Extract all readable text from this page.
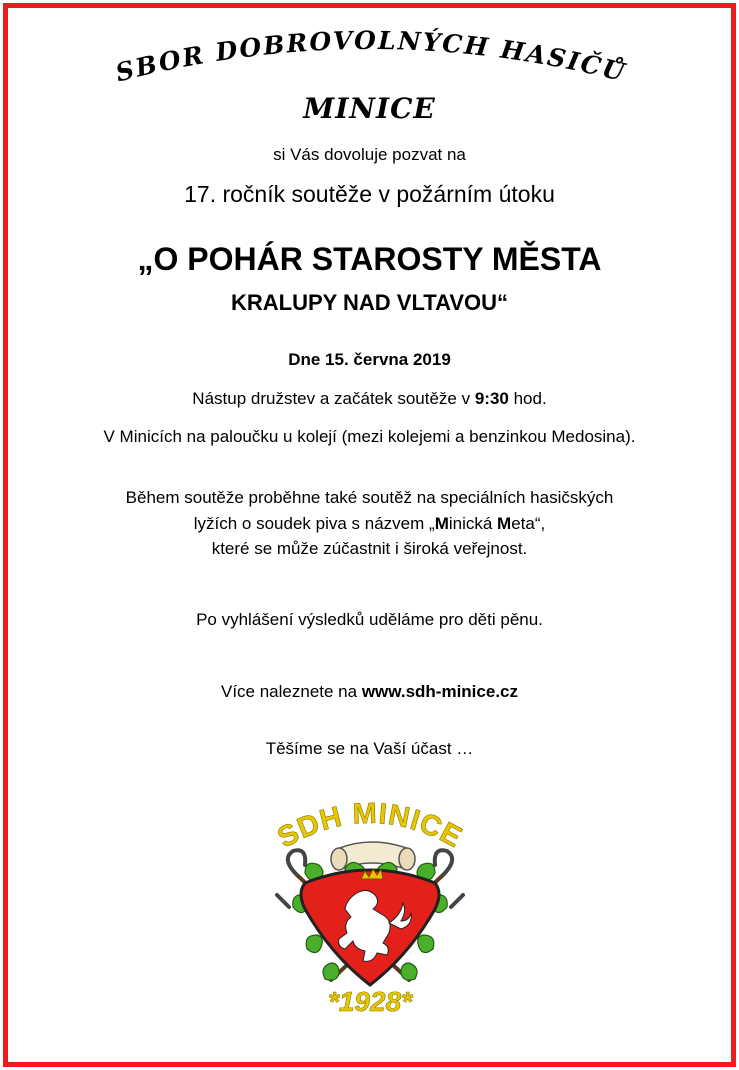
SBOR DOBROVOLNÝCH HASIČŮ
MINICE
si Vás dovoluje pozvat na
17. ročník soutěže v požárním útoku
„O POHÁR STAROSTY MĚSTA
KRALUPY NAD VLTAVOU“
Dne 15. června 2019
Nástup družstev a začátek soutěže v 9:30 hod.
V Minicích na paloučku u kolejí (mezi kolejemi a benzinkou Medosina).
Během soutěže proběhne také soutěž na speciálních hasičských
lyžích o soudek piva s názvem „Minická Meta“,
které se může zúčastnit i široká veřejnost.
Po vyhlášení výsledků uděláme pro děti pěnu.
Více naleznete na www.sdh-minice.cz
Těšíme se na Vaší účast …
SDH MINICE
*1928*
